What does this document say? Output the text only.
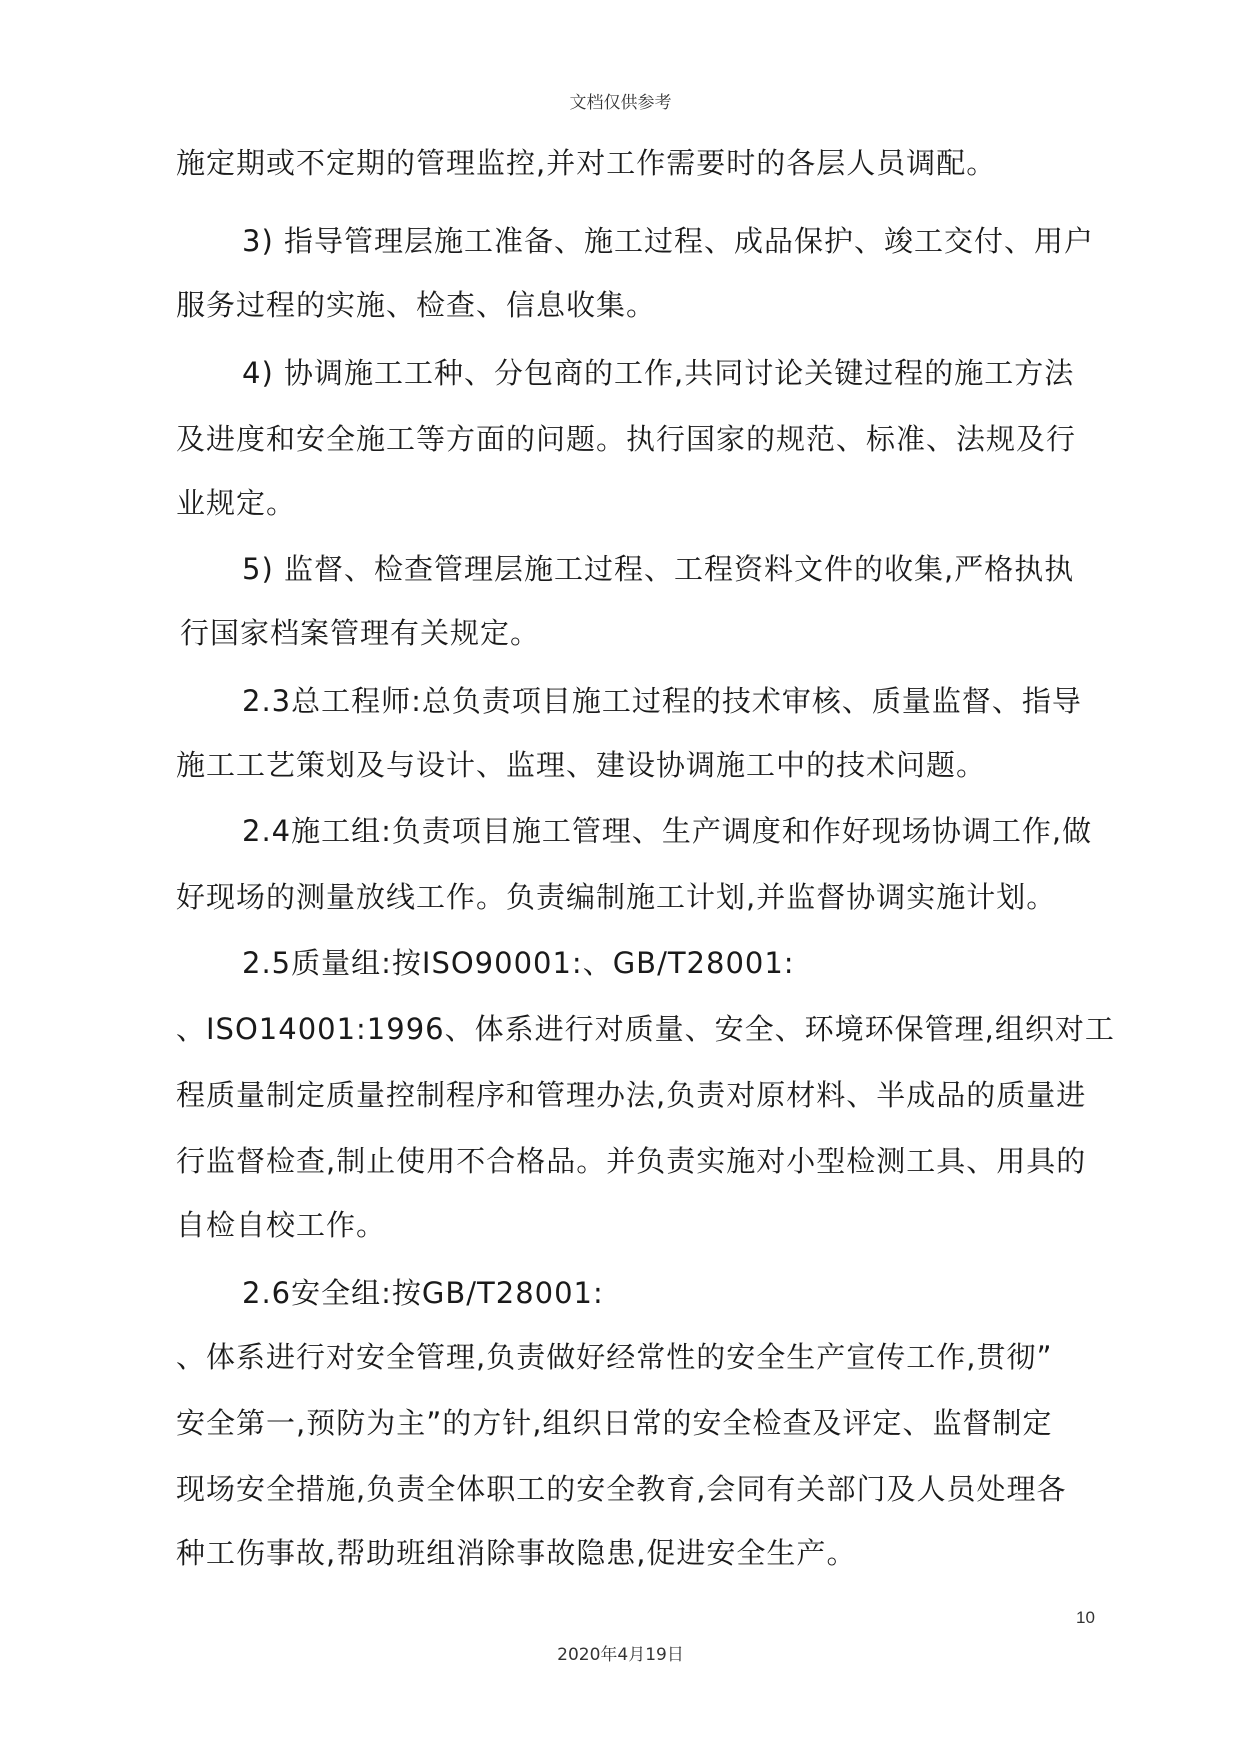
文档仅供参考
施定期或不定期的管理监控,并对工作需要时的各层人员调配。
3) 指导管理层施工准备、施工过程、成品保护、竣工交付、用户
服务过程的实施、检查、信息收集。
4) 协调施工工种、分包商的工作,共同讨论关键过程的施工方法
及进度和安全施工等方面的问题。执行国家的规范、标准、法规及行
业规定。
5) 监督、检查管理层施工过程、工程资料文件的收集,严格执执
行国家档案管理有关规定。
2.3总工程师:总负责项目施工过程的技术审核、质量监督、指导
施工工艺策划及与设计、监理、建设协调施工中的技术问题。
2.4施工组:负责项目施工管理、生产调度和作好现场协调工作,做
好现场的测量放线工作。负责编制施工计划,并监督协调实施计划。
2.5质量组:按ISO90001:、GB/T28001:
、ISO14001:1996、体系进行对质量、安全、环境环保管理,组织对工
程质量制定质量控制程序和管理办法,负责对原材料、半成品的质量进
行监督检查,制止使用不合格品。并负责实施对小型检测工具、用具的
自检自校工作。
2.6安全组:按GB/T28001:
、体系进行对安全管理,负责做好经常性的安全生产宣传工作,贯彻”
安全第一,预防为主”的方针,组织日常的安全检查及评定、监督制定
现场安全措施,负责全体职工的安全教育,会同有关部门及人员处理各
种工伤事故,帮助班组消除事故隐患,促进安全生产。
10
2020年4月19日
